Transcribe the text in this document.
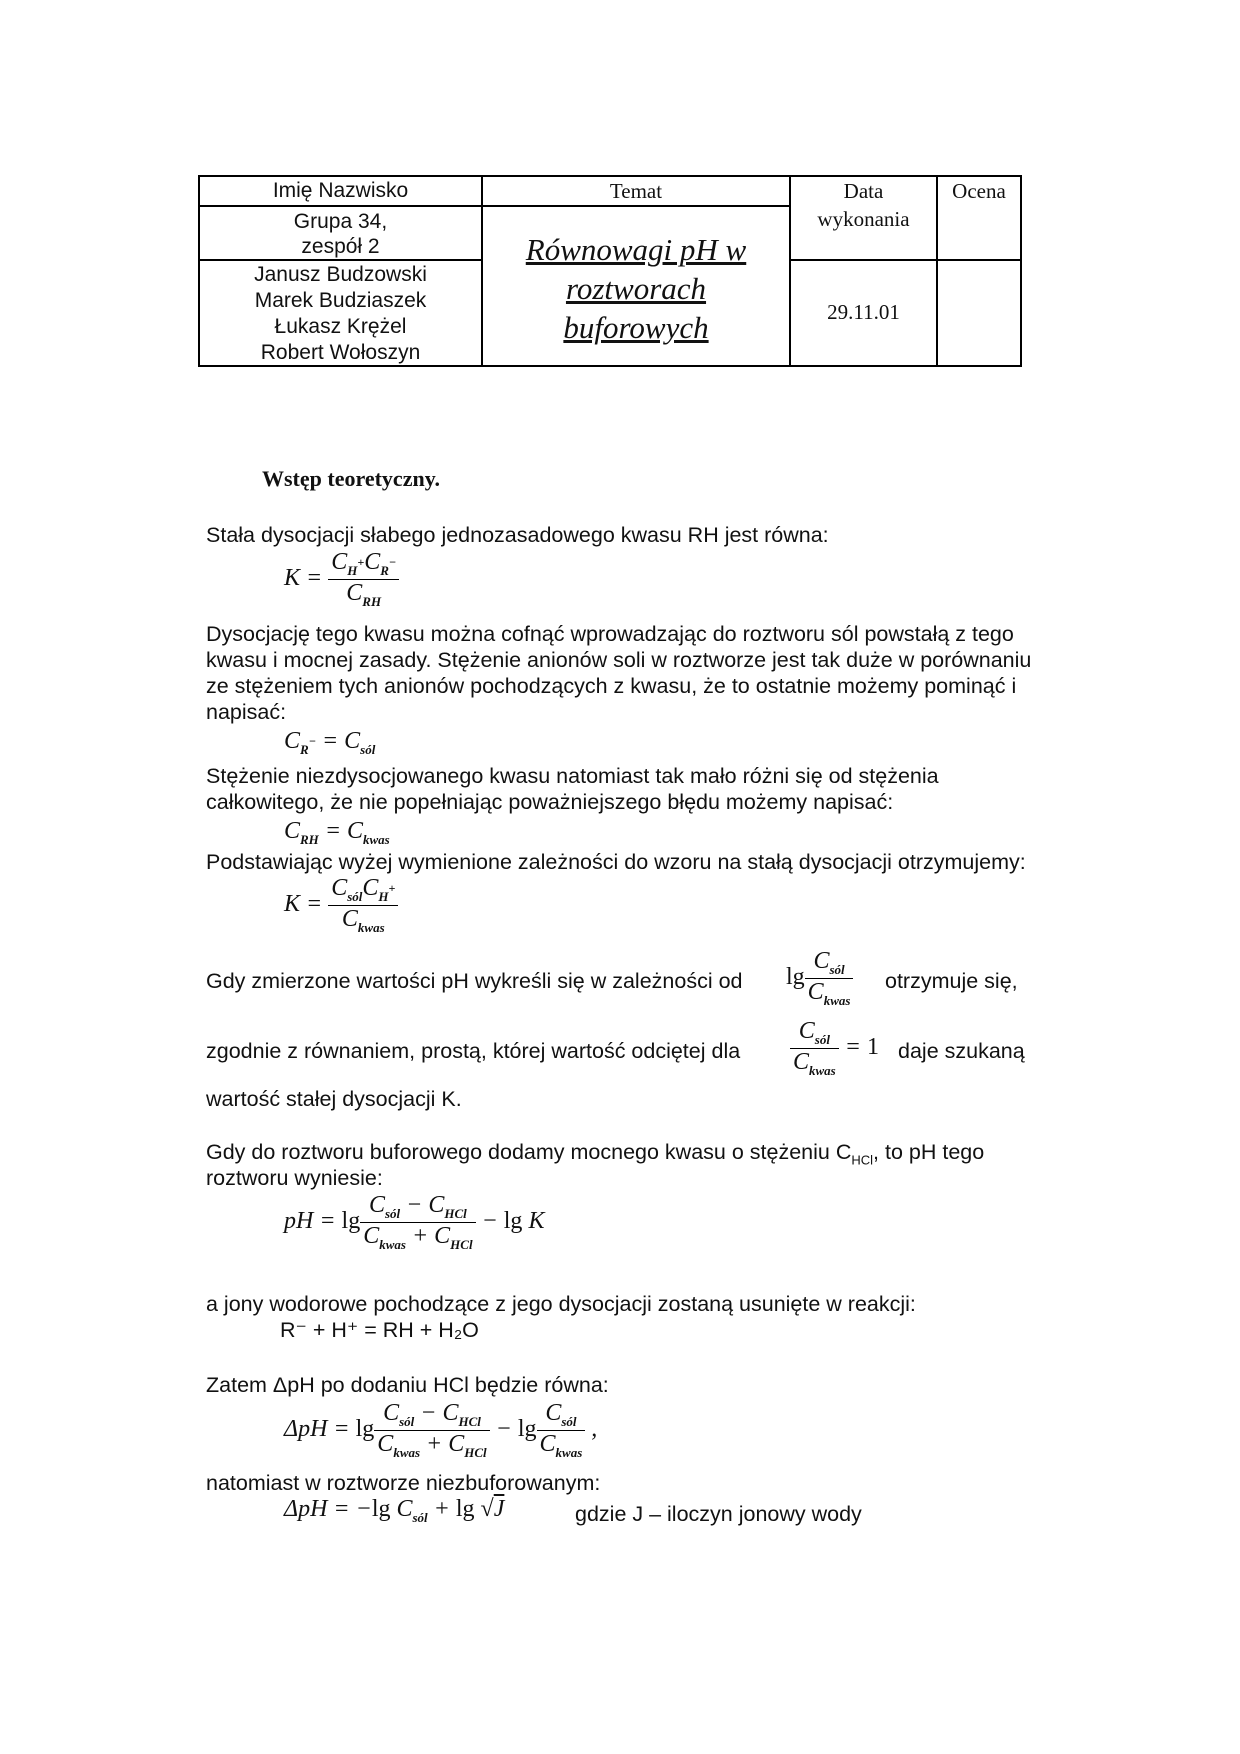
Imię Nazwisko
Grupa 34,
zespół 2
Janusz Budzowski
Marek Budziaszek
Łukasz Krężel
Robert Wołoszyn
Temat
Równowagi pH w
roztworach
buforowych
Data
wykonania
29.11.01
Ocena
Wstęp teoretyczny.
Stała dysocjacji słabego jednozasadowego kwasu RH jest równa:
$K = \frac{C_{H^+}C_{R^-}}{C_{RH}}$
Dysocjację tego kwasu można cofnąć wprowadzając do roztworu sól powstałą z tego
kwasu i mocnej zasady. Stężenie anionów soli w roztworze jest tak duże w porównaniu
ze stężeniem tych anionów pochodzących z kwasu, że to ostatnie możemy pominąć i
napisać:
$C_{R^-} = C_{sól}$
Stężenie niezdysocjowanego kwasu natomiast tak mało różni się od stężenia
całkowitego, że nie popełniając poważniejszego błędu możemy napisać:
$C_{RH} = C_{kwas}$
Podstawiając wyżej wymienione zależności do wzoru na stałą dysocjacji otrzymujemy:
$K = \frac{C_{sól}C_{H^+}}{C_{kwas}}$
Gdy zmierzone wartości pH wykreśli się w zależności od $\lg \frac{C_{sól}}{C_{kwas}}$ otrzymuje się,
zgodnie z równaniem, prostą, której wartość odciętej dla $\frac{C_{sól}}{C_{kwas}} = 1$ daje szukaną
wartość stałej dysocjacji K.
Gdy do roztworu buforowego dodamy mocnego kwasu o stężeniu $C_{HCl}$, to pH tego
roztworu wyniesie:
pH = $\lg \frac{C_{sól} - C_{HCl}}{C_{kwas} + C_{HCl}} - \lg K$
a jony wodorowe pochodzące z jego dysocjacji zostaną usunięte w reakcji:
R⁻ + H⁺ = RH + H₂O
Zatem ΔpH po dodaniu HCl będzie równa:
$\Delta pH = \lg \frac{C_{sól} - C_{HCl}}{C_{kwas} + C_{HCl}} - \lg \frac{C_{sól}}{C_{kwas}}$ ,
natomiast w roztworze niezbuforowanym:
ΔpH = −lg $C_{sól} + \lg √J$	gdzie J – iloczyn jonowy wody
